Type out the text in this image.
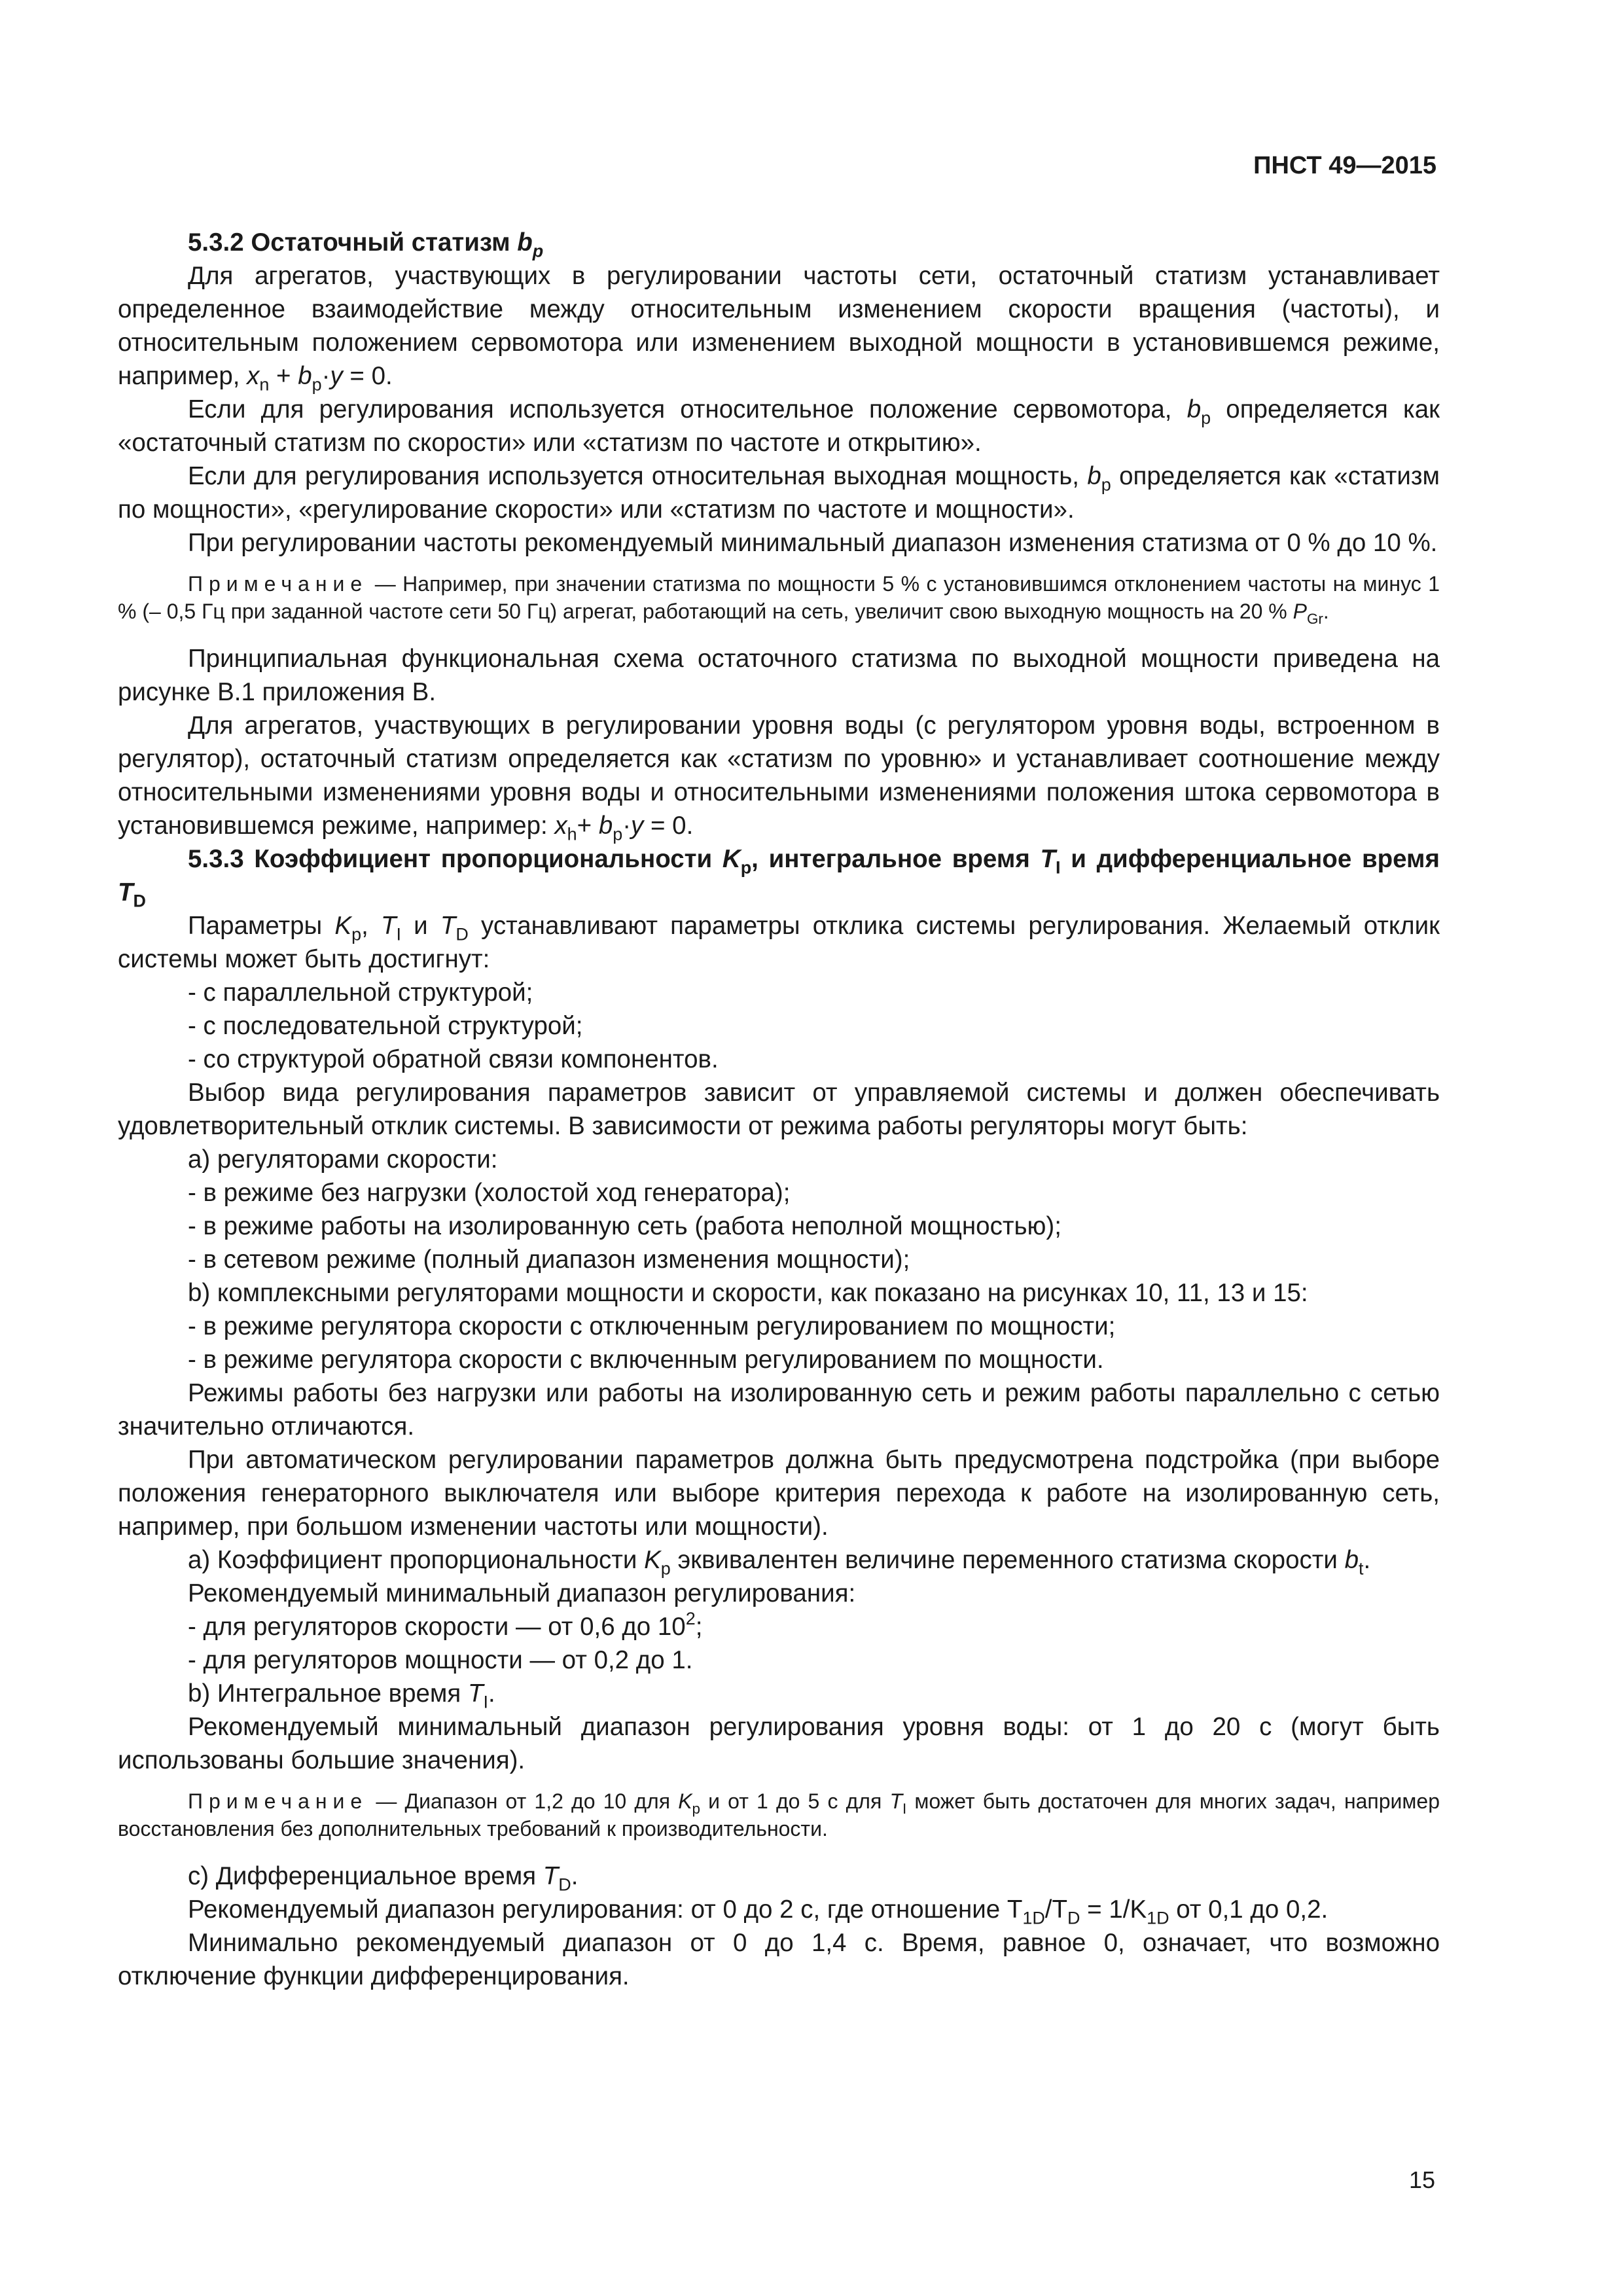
ПНСТ 49—2015

5.3.2 Остаточный статизм $b_p$

Для агрегатов, участвующих в регулировании частоты сети, остаточный статизм устанавливает определенное взаимодействие между относительным изменением скорости вращения (частоты), и относительным положением сервомотора или изменением выходной мощности в установившемся режиме, например, $x_n + b_p\cdot y = 0$.

Если для регулирования используется относительное положение сервомотора, $b_p$ определяется как «остаточный статизм по скорости» или «статизм по частоте и открытию».

Если для регулирования используется относительная выходная мощность, $b_p$ определяется как «статизм по мощности», «регулирование скорости» или «статизм по частоте и мощности».

При регулировании частоты рекомендуемый минимальный диапазон изменения статизма от 0 % до 10 %.

Примечание — Например, при значении статизма по мощности 5 % с установившимся отклонением частоты на минус 1 % (– 0,5 Гц при заданной частоте сети 50 Гц) агрегат, работающий на сеть, увеличит свою выходную мощность на 20 % $P_{Gr}$.

Принципиальная функциональная схема остаточного статизма по выходной мощности приведена на рисунке В.1 приложения В.

Для агрегатов, участвующих в регулировании уровня воды (с регулятором уровня воды, встроенном в регулятор), остаточный статизм определяется как «статизм по уровню» и устанавливает соотношение между относительными изменениями уровня воды и относительными изменениями положения штока сервомотора в установившемся режиме, например: $x_h+ b_p\cdot y = 0$.

5.3.3 Коэффициент пропорциональности $K_p$, интегральное время $T_I$ и дифференциальное время $T_D$

Параметры $K_p$, $T_I$ и $T_D$ устанавливают параметры отклика системы регулирования. Желаемый отклик системы может быть достигнут:

- с параллельной структурой;

- с последовательной структурой;

- со структурой обратной связи компонентов.

Выбор вида регулирования параметров зависит от управляемой системы и должен обеспечивать удовлетворительный отклик системы. В зависимости от режима работы регуляторы могут быть:

а) регуляторами скорости:

- в режиме без нагрузки (холостой ход генератора);

- в режиме работы на изолированную сеть (работа неполной мощностью);

- в сетевом режиме (полный диапазон изменения мощности);

b) комплексными регуляторами мощности и скорости, как показано на рисунках 10, 11, 13 и 15:

- в режиме регулятора скорости с отключенным регулированием по мощности;

- в режиме регулятора скорости с включенным регулированием по мощности.

Режимы работы без нагрузки или работы на изолированную сеть и режим работы параллельно с сетью значительно отличаются.

При автоматическом регулировании параметров должна быть предусмотрена подстройка (при выборе положения генераторного выключателя или выборе критерия перехода к работе на изолированную сеть, например, при большом изменении частоты или мощности).

а) Коэффициент пропорциональности $K_p$ эквивалентен величине переменного статизма скорости $b_t$.

Рекомендуемый минимальный диапазон регулирования:

- для регуляторов скорости — от 0,6 до $10^2$;

- для регуляторов мощности — от 0,2 до 1.

b) Интегральное время $T_I$.

Рекомендуемый минимальный диапазон регулирования уровня воды: от 1 до 20 с (могут быть использованы большие значения).

Примечание — Диапазон от 1,2 до 10 для $K_p$ и от 1 до 5 с для $T_I$ может быть достаточен для многих задач, например восстановления без дополнительных требований к производительности.

c) Дифференциальное время $T_D$.

Рекомендуемый диапазон регулирования: от 0 до 2 с, где отношение $T_{1D}/T_D = 1/K_{1D}$ от 0,1 до 0,2.

Минимально рекомендуемый диапазон от 0 до 1,4 с. Время, равное 0, означает, что возможно отключение функции дифференцирования.

15
